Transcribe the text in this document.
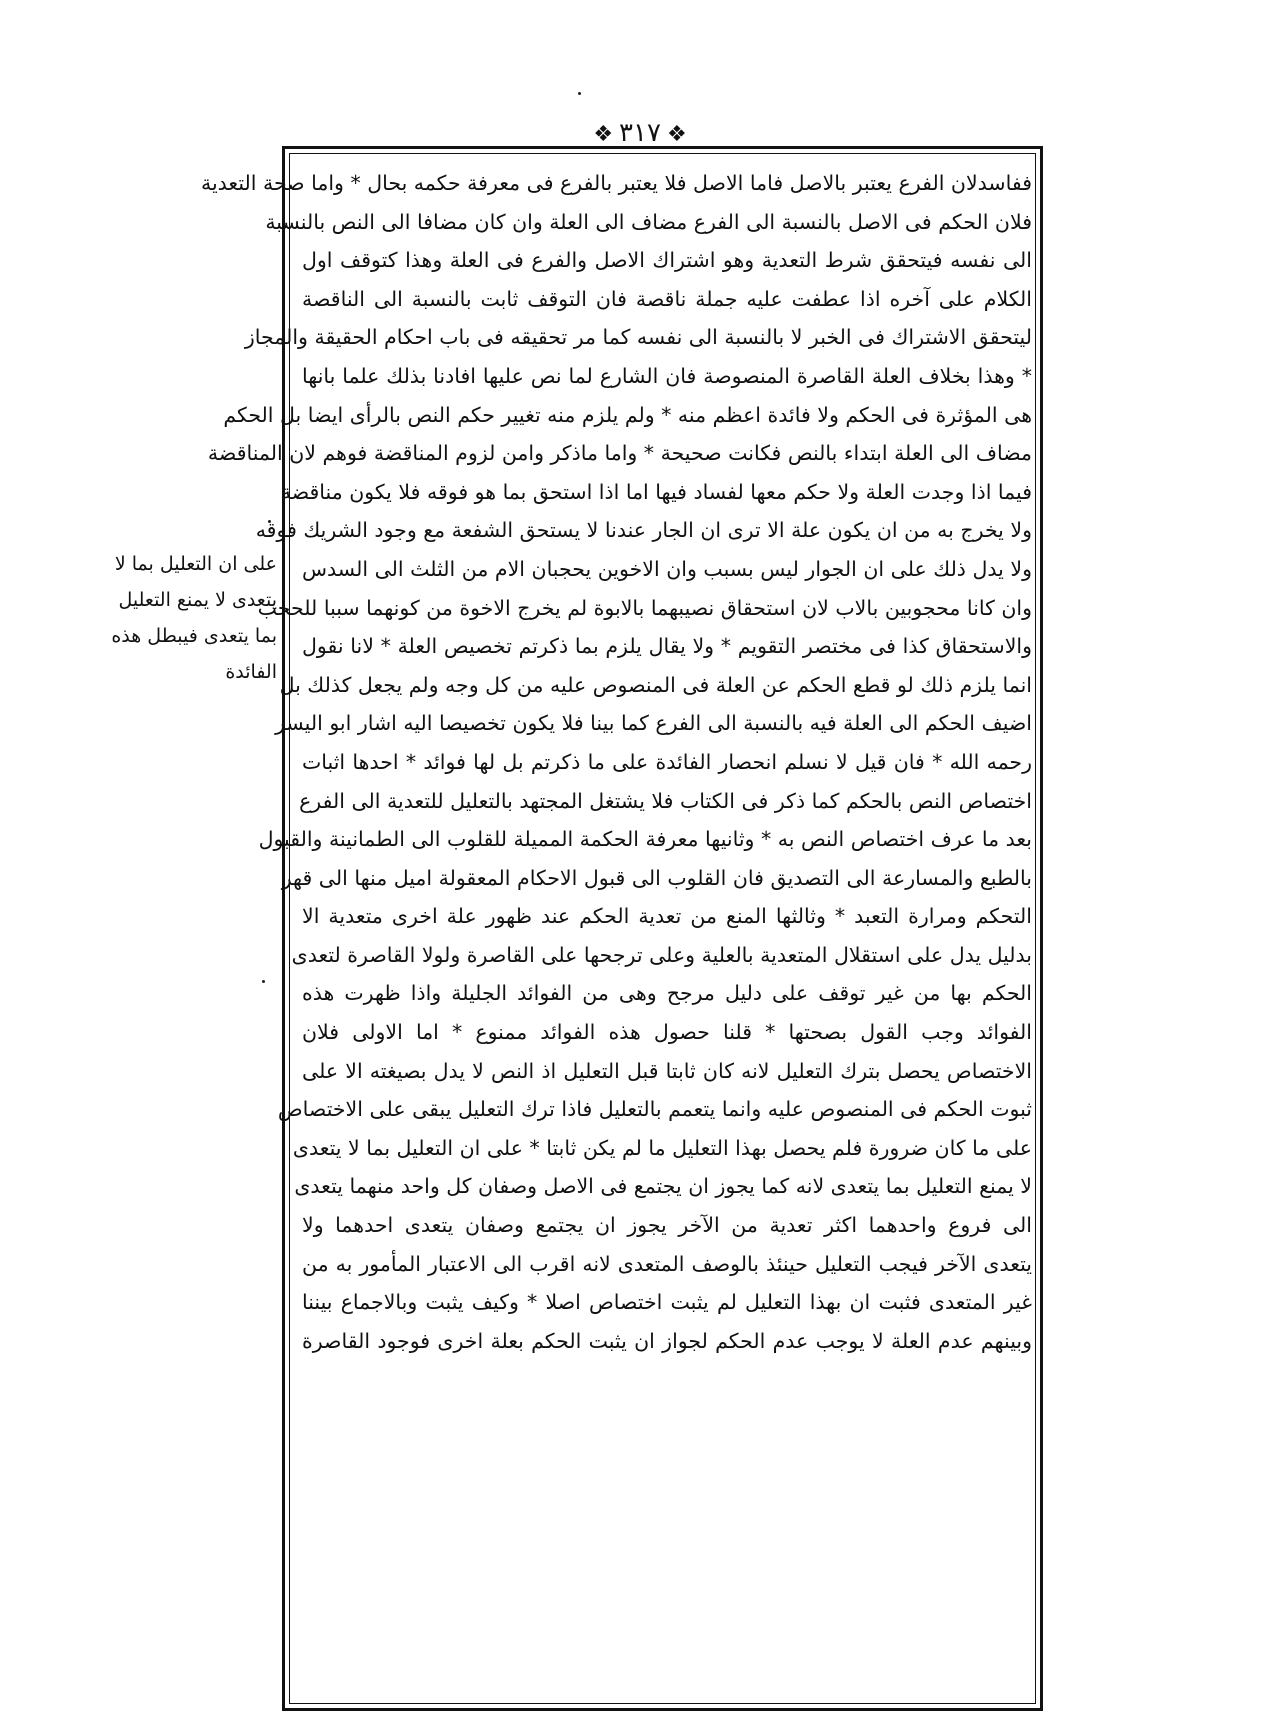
❖ ٣١٧ ❖
ففاسدلان الفرع يعتبر بالاصل فاما الاصل فلا يعتبر بالفرع فى معرفة حكمه بحال * واما صحة التعدية
فلان الحكم فى الاصل بالنسبة الى الفرع مضاف الى العلة وان كان مضافا الى النص بالنسبة
الى نفسه فيتحقق شرط التعدية وهو اشتراك الاصل والفرع فى العلة وهذا كتوقف اول
الكلام على آخره اذا عطفت عليه جملة ناقصة فان التوقف ثابت بالنسبة الى الناقصة
ليتحقق الاشتراك فى الخبر لا بالنسبة الى نفسه كما مر تحقيقه فى باب احكام الحقيقة والمجاز
* وهذا بخلاف العلة القاصرة المنصوصة فان الشارع لما نص عليها افادنا بذلك علما بانها
هى المؤثرة فى الحكم ولا فائدة اعظم منه * ولم يلزم منه تغيير حكم النص بالرأى ايضا بل الحكم
مضاف الى العلة ابتداء بالنص فكانت صحيحة * واما ماذكر وامن لزوم المناقضة فوهم لان المناقضة
فيما اذا وجدت العلة ولا حكم معها لفساد فيها اما اذا استحق بما هو فوقه فلا يكون مناقضة
ولا يخرج به من ان يكون علة الا ترى ان الجار عندنا لا يستحق الشفعة مع وجود الشريك فوقه
ولا يدل ذلك على ان الجوار ليس بسبب وان الاخوين يحجبان الام من الثلث الى السدس
وان كانا محجوبين بالاب لان استحقاق نصيبهما بالابوة لم يخرج الاخوة من كونهما سببا للحجب
والاستحقاق كذا فى مختصر التقويم * ولا يقال يلزم بما ذكرتم تخصيص العلة * لانا نقول
انما يلزم ذلك لو قطع الحكم عن العلة فى المنصوص عليه من كل وجه ولم يجعل كذلك بل
اضيف الحكم الى العلة فيه بالنسبة الى الفرع كما بينا فلا يكون تخصيصا اليه اشار ابو اليسر
رحمه الله * فان قيل لا نسلم انحصار الفائدة على ما ذكرتم بل لها فوائد * احدها اثبات
اختصاص النص بالحكم كما ذكر فى الكتاب فلا يشتغل المجتهد بالتعليل للتعدية الى الفرع
بعد ما عرف اختصاص النص به * وثانيها معرفة الحكمة المميلة للقلوب الى الطمانينة والقبول
بالطبع والمسارعة الى التصديق فان القلوب الى قبول الاحكام المعقولة اميل منها الى قهر
التحكم ومرارة التعبد * وثالثها المنع من تعدية الحكم عند ظهور علة اخرى متعدية الا
بدليل يدل على استقلال المتعدية بالعلية وعلى ترجحها على القاصرة ولولا القاصرة لتعدى
الحكم بها من غير توقف على دليل مرجح وهى من الفوائد الجليلة واذا ظهرت هذه
الفوائد وجب القول بصحتها * قلنا حصول هذه الفوائد ممنوع * اما الاولى فلان
الاختصاص يحصل بترك التعليل لانه كان ثابتا قبل التعليل اذ النص لا يدل بصيغته الا على
ثبوت الحكم فى المنصوص عليه وانما يتعمم بالتعليل فاذا ترك التعليل يبقى على الاختصاص
على ما كان ضرورة فلم يحصل بهذا التعليل ما لم يكن ثابتا * على ان التعليل بما لا يتعدى
لا يمنع التعليل بما يتعدى لانه كما يجوز ان يجتمع فى الاصل وصفان كل واحد منهما يتعدى
الى فروع واحدهما اكثر تعدية من الآخر يجوز ان يجتمع وصفان يتعدى احدهما ولا
يتعدى الآخر فيجب التعليل حينئذ بالوصف المتعدى لانه اقرب الى الاعتبار المأمور به من
غير المتعدى فثبت ان بهذا التعليل لم يثبت اختصاص اصلا * وكيف يثبت وبالاجماع بيننا
وبينهم عدم العلة لا يوجب عدم الحكم لجواز ان يثبت الحكم بعلة اخرى فوجود القاصرة
على ان التعليل بما لا
يتعدى لا يمنع التعليل
بما يتعدى فيبطل هذه
الفائدة
